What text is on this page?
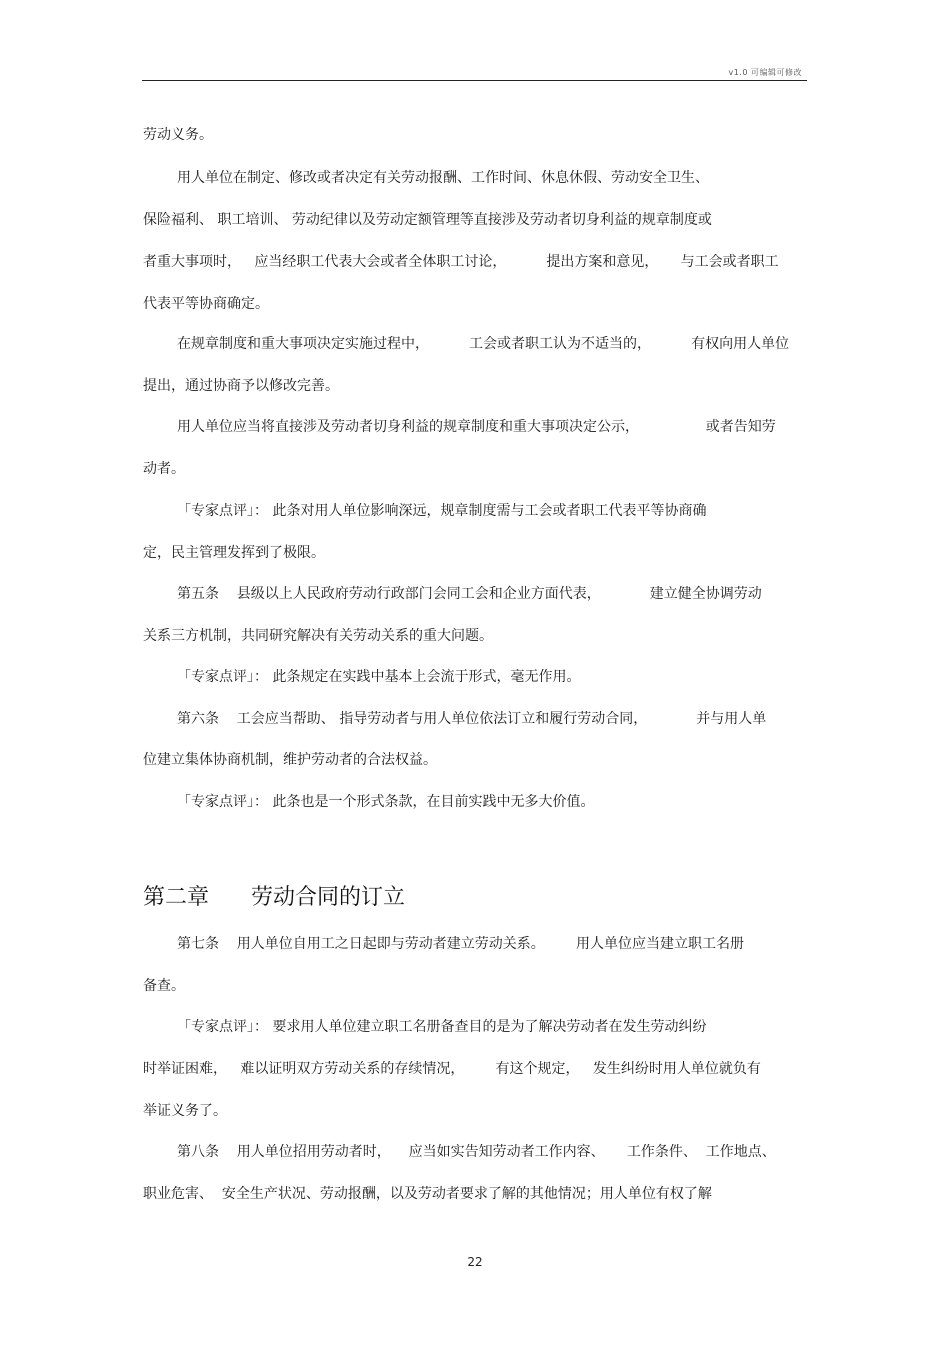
v1.0 可编辑可修改
劳动义务。
用人单位在制定、修改或者决定有关劳动报酬、工作时间、休息休假、劳动安全卫生、
保险福利、 职工培训、 劳动纪律以及劳动定额管理等直接涉及劳动者切身利益的规章制度或
者重大事项时，   应当经职工代表大会或者全体职工讨论，         提出方案和意见，     与工会或者职工
代表平等协商确定。
在规章制度和重大事项决定实施过程中，         工会或者职工认为不适当的，         有权向用人单位
提出，通过协商予以修改完善。
用人单位应当将直接涉及劳动者切身利益的规章制度和重大事项决定公示，               或者告知劳
动者。
「专家点评」： 此条对用人单位影响深远，规章制度需与工会或者职工代表平等协商确
定，民主管理发挥到了极限。
第五条    县级以上人民政府劳动行政部门会同工会和企业方面代表，           建立健全协调劳动
关系三方机制，共同研究解决有关劳动关系的重大问题。
「专家点评」： 此条规定在实践中基本上会流于形式，毫无作用。
第六条    工会应当帮助、 指导劳动者与用人单位依法订立和履行劳动合同，           并与用人单
位建立集体协商机制，维护劳动者的合法权益。
「专家点评」： 此条也是一个形式条款，在目前实践中无多大价值。
第二章      劳动合同的订立
第七条    用人单位自用工之日起即与劳动者建立劳动关系。       用人单位应当建立职工名册
备查。
「专家点评」： 要求用人单位建立职工名册备查目的是为了解决劳动者在发生劳动纠纷
时举证困难，   难以证明双方劳动关系的存续情况，       有这个规定，   发生纠纷时用人单位就负有
举证义务了。
第八条    用人单位招用劳动者时，    应当如实告知劳动者工作内容、     工作条件、  工作地点、
职业危害、  安全生产状况、劳动报酬，以及劳动者要求了解的其他情况；用人单位有权了解
22
